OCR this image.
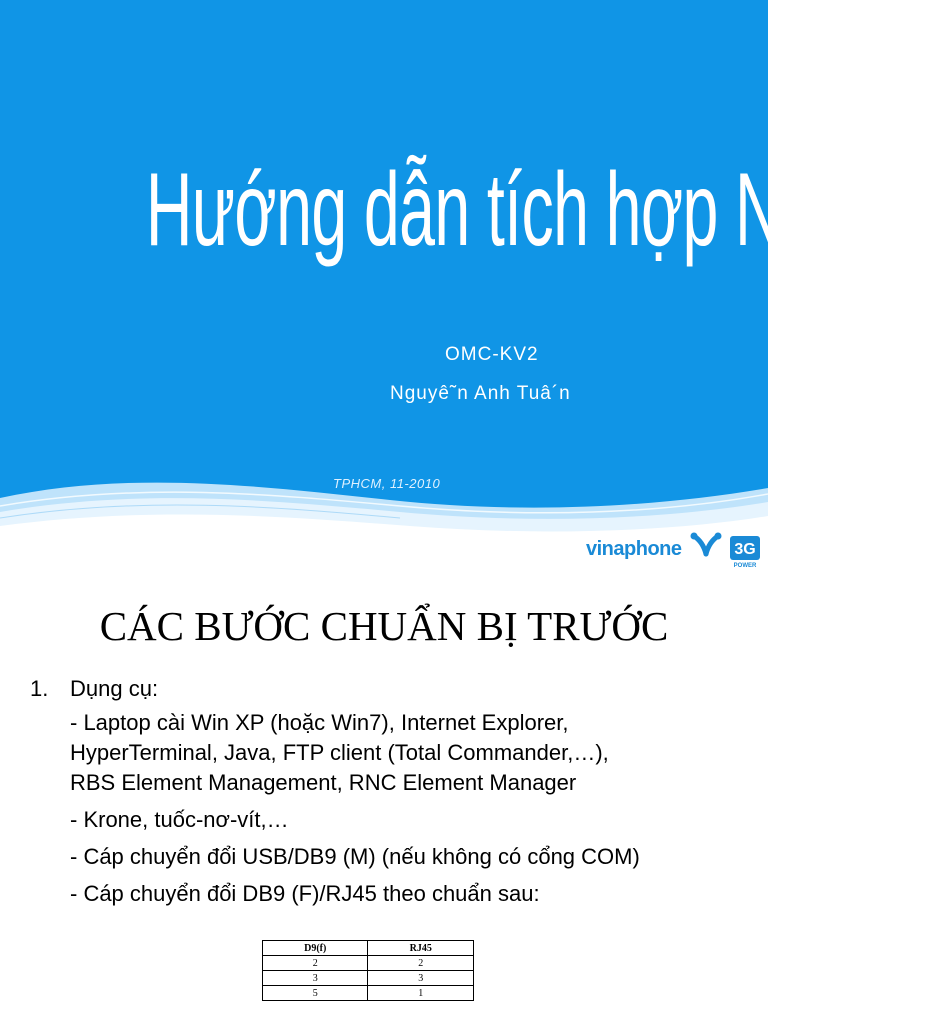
Hướng dẫn tích hợp NodeB
OMC-KV2
Nguyê˜n Anh Tuâ´n
TPHCM, 11-2010
vinaphone	3G
POWER
CÁC BƯỚC CHUẨN BỊ TRƯỚC
1. Dụng cụ:
- Laptop cài Win XP (hoặc Win7), Internet Explorer,
HyperTerminal, Java, FTP client (Total Commander,…),
RBS Element Management, RNC Element Manager
- Krone, tuốc-nơ-vít,…
- Cáp chuyển đổi USB/DB9 (M) (nếu không có cổng COM)
- Cáp chuyển đổi DB9 (F)/RJ45 theo chuẩn sau:
D9(f)	RJ45
2	2
3	3
5	1
